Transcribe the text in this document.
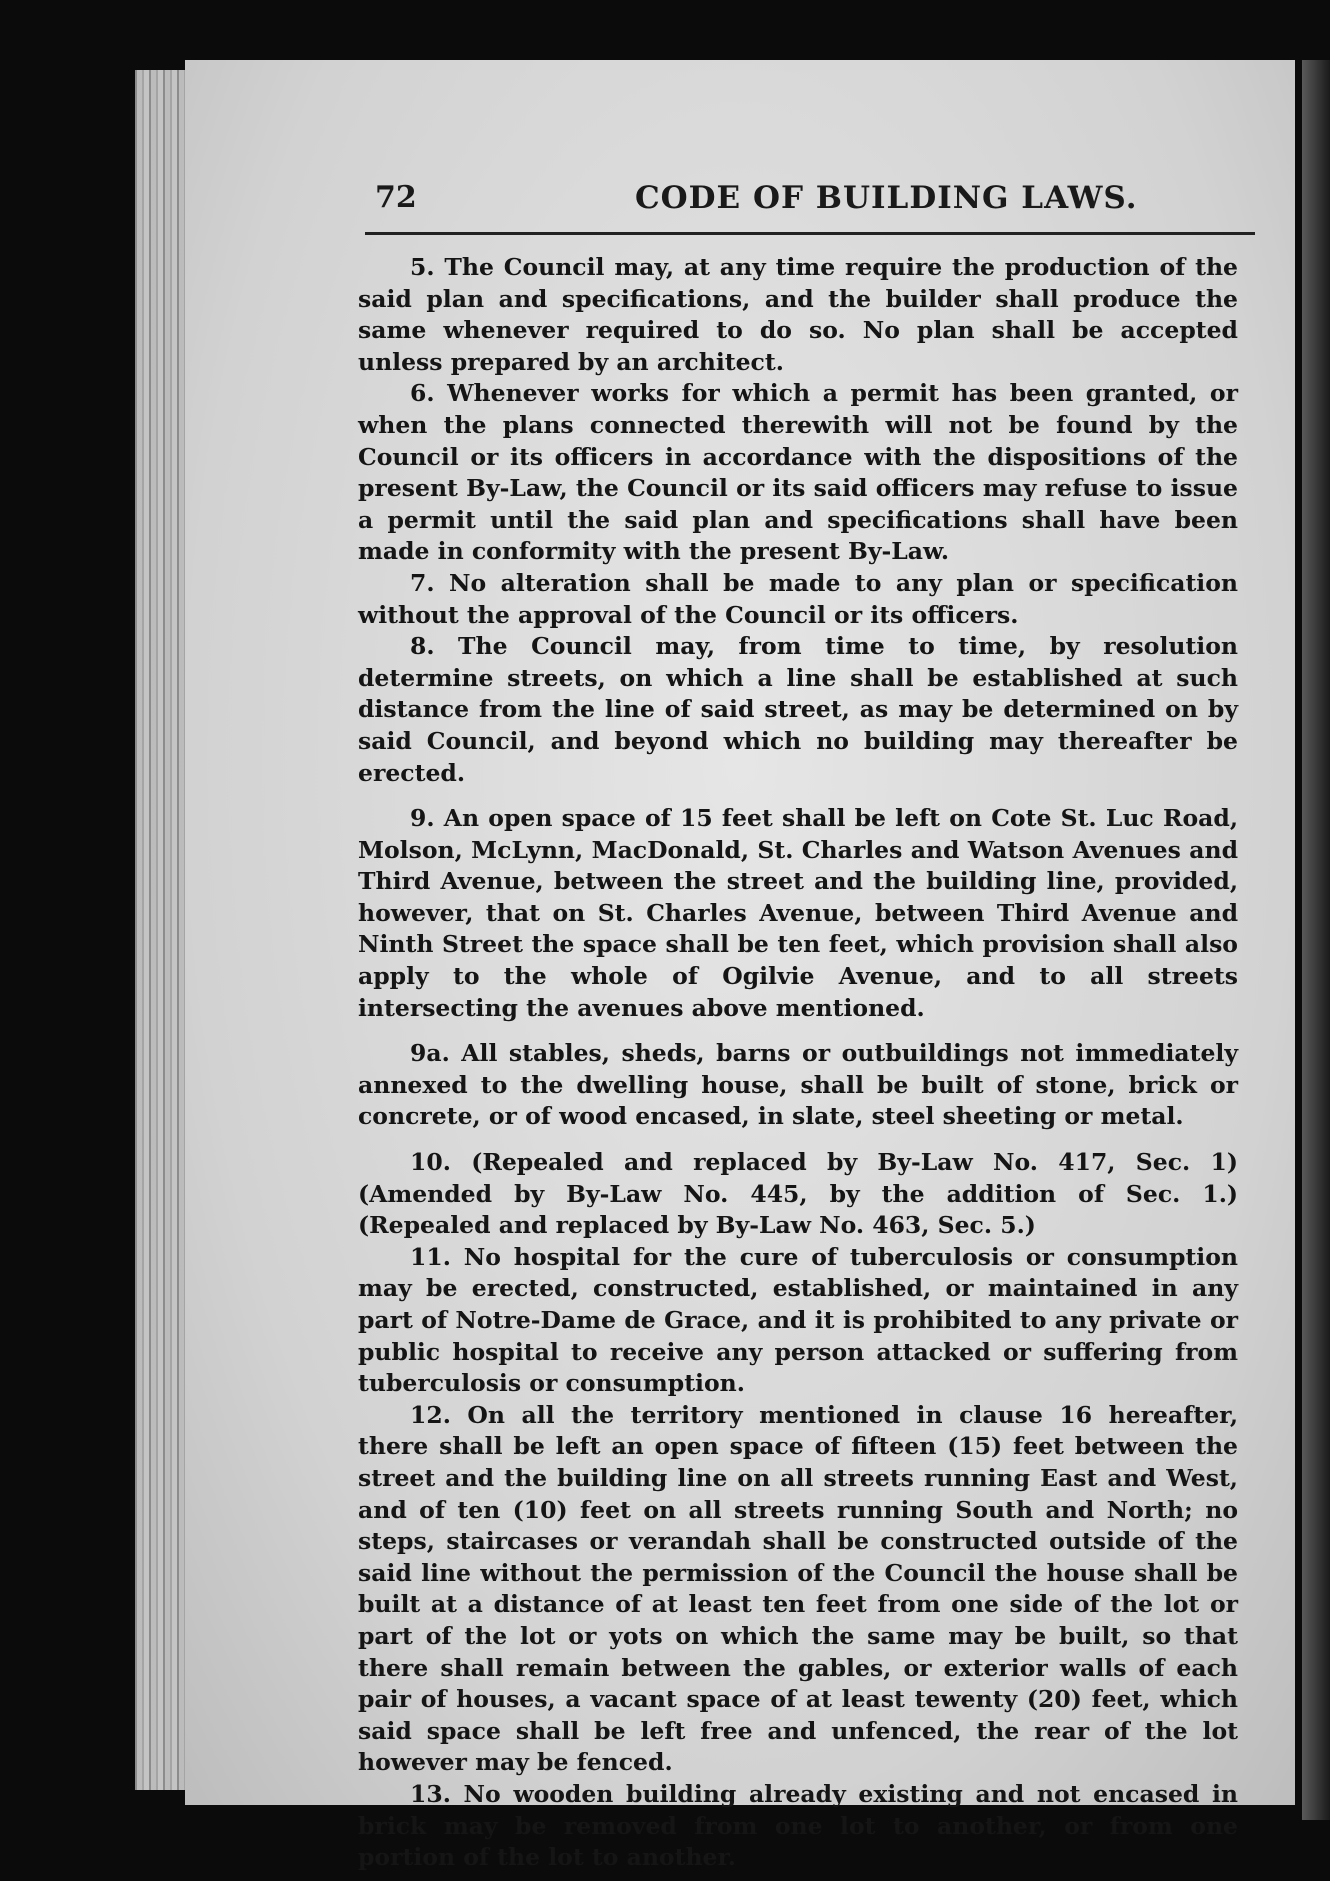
72	CODE OF BUILDING LAWS.

5. The Council may, at any time require the production of the said plan and specifications, and the builder shall produce the same whenever required to do so. No plan shall be accepted unless prepared by an architect.

6. Whenever works for which a permit has been granted, or when the plans connected therewith will not be found by the Council or its officers in accordance with the dispositions of the present By-Law, the Council or its said officers may refuse to issue a permit until the said plan and specifications shall have been made in conformity with the present By-Law.

7. No alteration shall be made to any plan or specification without the approval of the Council or its officers.

8. The Council may, from time to time, by resolution determine streets, on which a line shall be established at such distance from the line of said street, as may be determined on by said Council, and beyond which no building may thereafter be erected.

9. An open space of 15 feet shall be left on Cote St. Luc Road, Molson, McLynn, MacDonald, St. Charles and Watson Avenues and Third Avenue, between the street and the building line, provided, however, that on St. Charles Avenue, between Third Avenue and Ninth Street the space shall be ten feet, which provision shall also apply to the whole of Ogilvie Avenue, and to all streets intersecting the avenues above mentioned.

9a. All stables, sheds, barns or outbuildings not immediately annexed to the dwelling house, shall be built of stone, brick or concrete, or of wood encased, in slate, steel sheeting or metal.

10. (Repealed and replaced by By-Law No. 417, Sec. 1) (Amended by By-Law No. 445, by the addition of Sec. 1.) (Repealed and replaced by By-Law No. 463, Sec. 5.)

11. No hospital for the cure of tuberculosis or consumption may be erected, constructed, established, or maintained in any part of Notre-Dame de Grace, and it is prohibited to any private or public hospital to receive any person attacked or suffering from tuberculosis or consumption.

12. On all the territory mentioned in clause 16 hereafter, there shall be left an open space of fifteen (15) feet between the street and the building line on all streets running East and West, and of ten (10) feet on all streets running South and North; no steps, staircases or verandah shall be constructed outside of the said line without the permission of the Council the house shall be built at a distance of at least ten feet from one side of the lot or part of the lot or yots on which the same may be built, so that there shall remain between the gables, or exterior walls of each pair of houses, a vacant space of at least tewenty (20) feet, which said space shall be left free and unfenced, the rear of the lot however may be fenced.

13. No wooden building already existing and not encased in brick may be removed from one lot to another, or from one portion of the lot to another.
